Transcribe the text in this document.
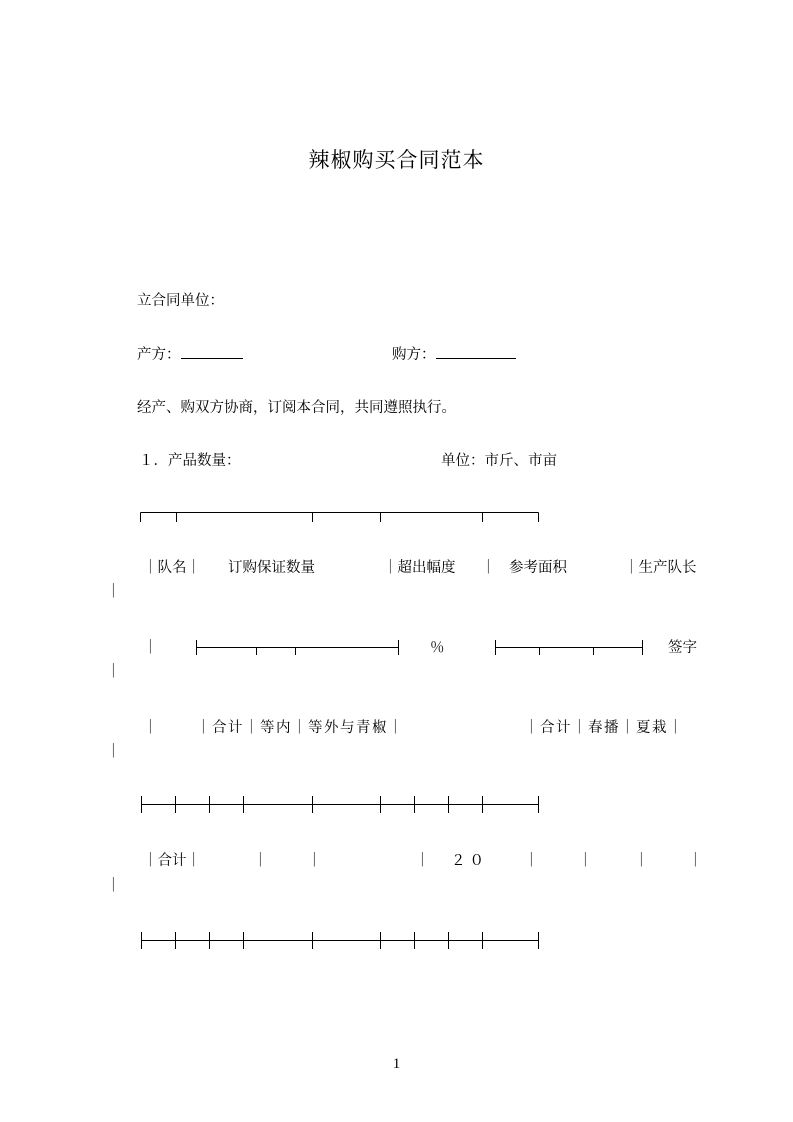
辣椒购买合同范本
立合同单位：
产方：	购方：
经产、购双方协商，订阅本合同，共同遵照执行。
１．产品数量：	单位：市斤、市亩
｜队名｜ 订购保证数量	｜超出幅度 ｜ 参考面积	｜生产队长
｜
｜	％	签字
｜
｜	｜合计｜等内｜等外与青椒｜	｜合计｜春播｜夏栽｜
｜
｜合计｜	｜	｜	｜ ２０ ｜	｜	｜	｜
｜
1
